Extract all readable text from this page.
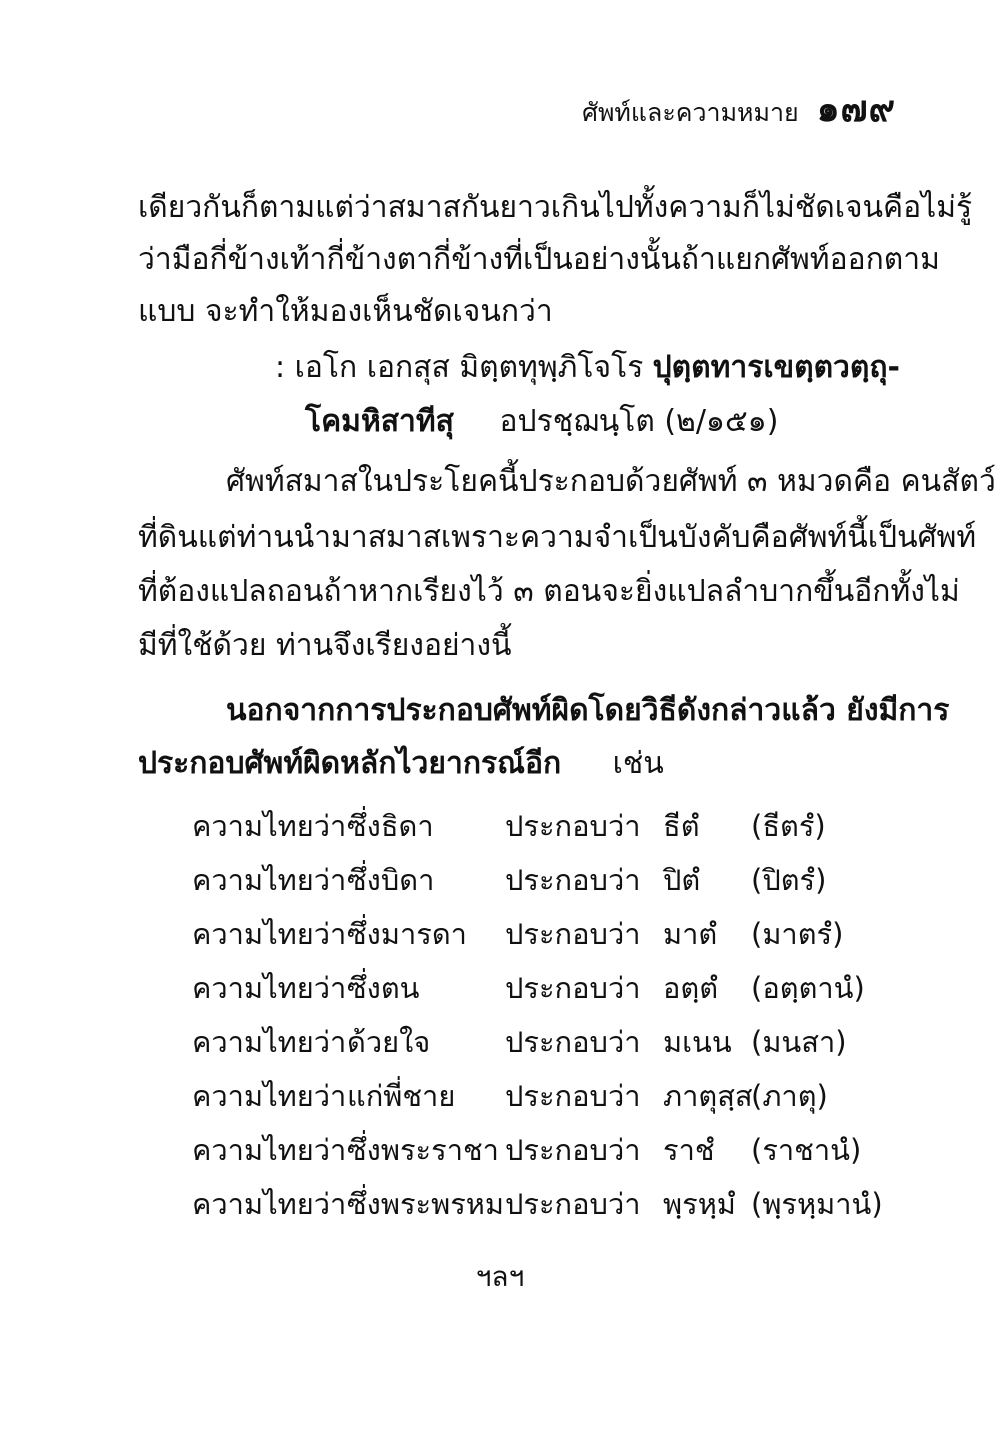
ศัพท์และความหมาย ๑๗๙
เดียวกันก็ตาม แต่ว่าสมาสกันยาวเกินไป ทั้งความก็ไม่ชัดเจน คือไม่รู้
ว่ามือกี่ข้าง เท้ากี่ข้าง ตากี่ข้าง ที่เป็นอย่างนั้น ถ้าแยกศัพท์ออกตาม
แบบ จะทำให้มองเห็นชัดเจนกว่า
: เอโก เอกสุส มิตฺตทุพฺภิโจโร ปุตฺตทารเขตฺตวตฺถุ-
โคมหิสาทีสุ อปรชฺฌนฺโต (๒/๑๕๑)
ศัพท์สมาสในประโยคนี้ประกอบด้วยศัพท์ ๓ หมวด คือ คน สัตว์
ที่ดิน แต่ท่านนำมาสมาสเพราะความจำเป็นบังคับ คือศัพท์นี้เป็นศัพท์
ที่ต้องแปลถอน ถ้าหากเรียงไว้ ๓ ตอน จะยิ่งแปลลำบากขึ้นอีก ทั้งไม่
มีที่ใช้ด้วย ท่านจึงเรียงอย่างนี้
นอกจากการประกอบศัพท์ผิดโดยวิธีดังกล่าวแล้ว ยังมีการ
ประกอบศัพท์ผิดหลักไวยากรณ์อีก เช่น
ความไทยว่า ซึ่งธิดา ประกอบว่า ธีตํ (ธีตรํ)
ความไทยว่า ซึ่งบิดา ประกอบว่า ปิตํ (ปิตรํ)
ความไทยว่า ซึ่งมารดา ประกอบว่า มาตํ (มาตรํ)
ความไทยว่า ซึ่งตน	ประกอบว่า อตฺตํ (อตฺตานํ)
ความไทยว่า ด้วยใจ	ประกอบว่า มเนน (มนสา)
ความไทยว่า แก่พี่ชาย ประกอบว่า ภาตุสฺส
(ภาตุ)
ความไทยว่า ซึ่งพระราชา ประกอบว่า ราชํ (ราชานํ)
ความไทยว่า ซึ่งพระพรหม ประกอบว่า พฺรหฺมํ (พฺรหฺมานํ)
ฯลฯ
